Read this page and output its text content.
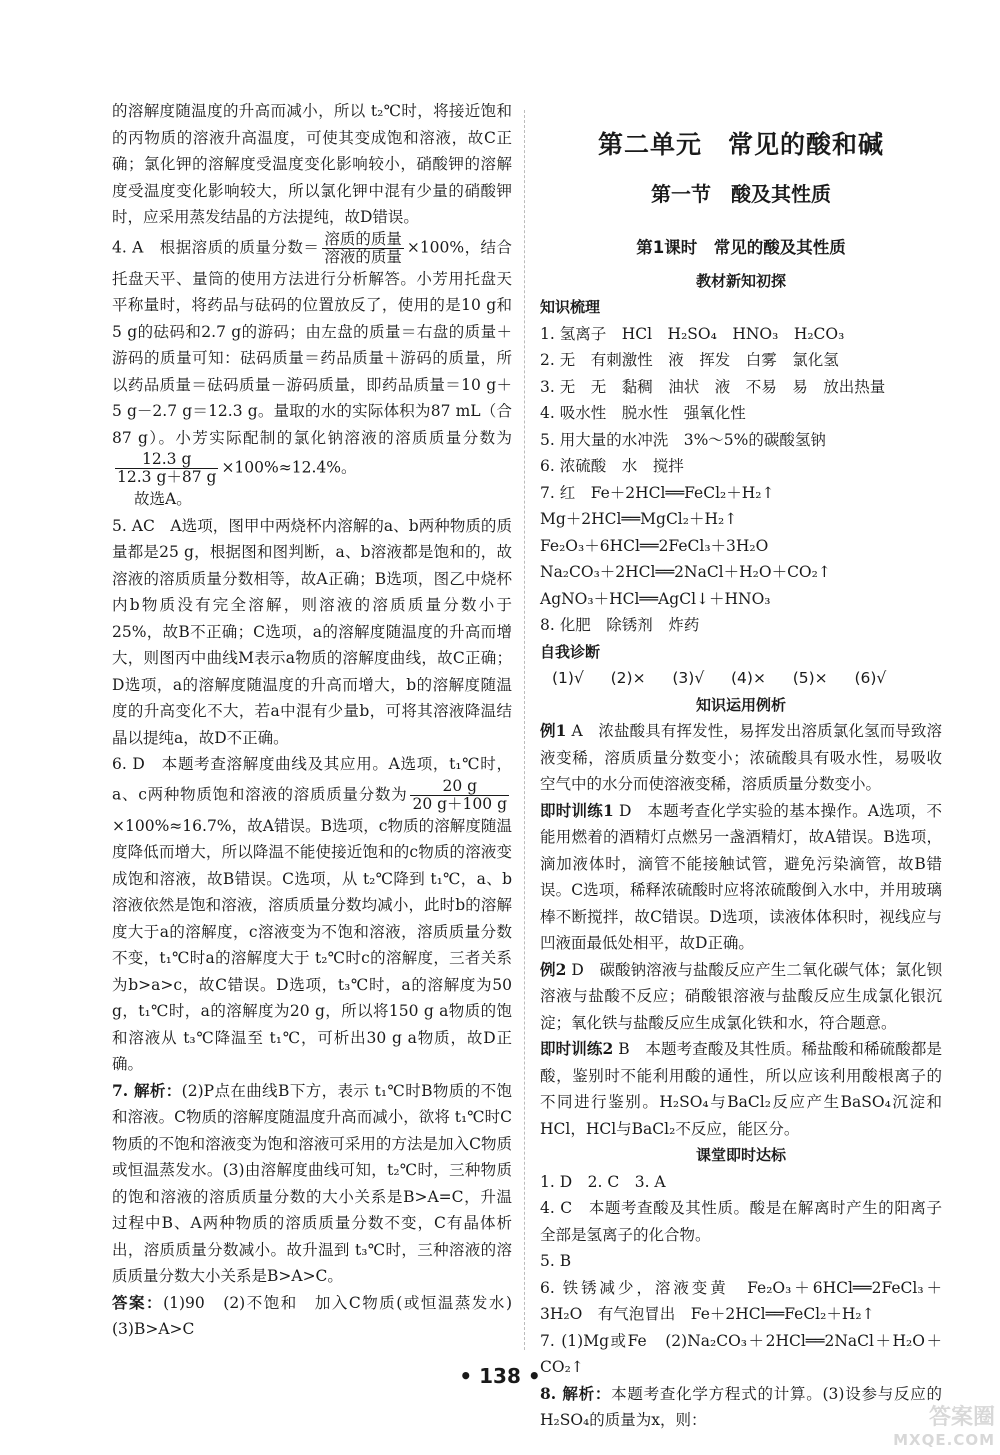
的溶解度随温度的升高而减小，所以 t₂℃时，将接近饱和的丙物质的溶液升高温度，可使其变成饱和溶液，故C正确；氯化钾的溶解度受温度变化影响较小，硝酸钾的溶解度受温度变化影响较大，所以氯化钾中混有少量的硝酸钾时，应采用蒸发结晶的方法提纯，故D错误。

4. A　根据溶质的质量分数＝ $\frac{\text{溶质的质量}}{\text{溶液的质量}} \times 100\%$，结合托盘天平、量筒的使用方法进行分析解答。小芳用托盘天平称量时，将药品与砝码的位置放反了，使用的是10 g和5 g的砝码和2.7 g的游码；由左盘的质量＝右盘的质量＋游码的质量可知：砝码质量＝药品质量＋游码的质量，所以药品质量＝砝码质量－游码质量，即药品质量＝10 g＋5 g－2.7 g＝12.3 g。量取的水的实际体积为87 mL（合87 g）。小芳实际配制的氯化钠溶液的溶质质量分数为
$\frac{12.3 g}{12.3 g+87 g} \times 100\%\approx 12.4\%$。

故选A。

5. AC　A选项，图甲中两烧杯内溶解的a、b两种物质的质量都是25 g，根据图和图判断，a、b溶液都是饱和的，故溶液的溶质质量分数相等，故A正确；B选项，图乙中烧杯内b物质没有完全溶解，则溶液的溶质质量分数小于25%，故B不正确；C选项，a的溶解度随温度的升高而增大，则图丙中曲线M表示a物质的溶解度曲线，故C正确；D选项，a的溶解度随温度的升高而增大，b的溶解度随温度的升高变化不大，若a中混有少量b，可将其溶液降温结晶以提纯a，故D不正确。

6. D　本题考查溶解度曲线及其应用。A选项，t₁℃时，a、c两种物质饱和溶液的溶质质量分数为 $\frac{20 g}{20 g+100 g}$
×100%≈16.7%，故A错误。B选项，c物质的溶解度随温度降低而增大，所以降温不能使接近饱和的c物质的溶液变成饱和溶液，故B错误。C选项，从 t₂℃降到 t₁℃，a、b溶液依然是饱和溶液，溶质质量分数均减小，此时b的溶解度大于a的溶解度，c溶液变为不饱和溶液，溶质质量分数不变，t₁℃时a的溶解度大于 t₂℃时c的溶解度，三者关系为b>a>c，故C错误。D选项，t₃℃时，a的溶解度为50 g，t₁℃时，a的溶解度为20 g，所以将150 g a物质的饱和溶液从 t₃℃降温至 t₁℃，可析出30 g a物质，故D正确。

7. 解析：(2)P点在曲线B下方，表示 t₁℃时B物质的不饱和溶液。C物质的溶解度随温度升高而减小，欲将 t₁℃时C物质的不饱和溶液变为饱和溶液可采用的方法是加入C物质或恒温蒸发水。(3)由溶解度曲线可知，t₂℃时，三种物质的饱和溶液的溶质质量分数的大小关系是B>A=C，升温过程中B、A两种物质的溶质质量分数不变，C有晶体析出，溶质质量分数减小。故升温到 t₃℃时，三种溶液的溶质质量分数大小关系是B>A>C。

答案：(1)90　(2)不饱和　加入C物质(或恒温蒸发水)　(3)B>A>C

第二单元　常见的酸和碱
第一节　酸及其性质
第1课时　常见的酸及其性质
教材新知初探
知识梳理

1. 氢离子　HCl　H₂SO₄　HNO₃　H₂CO₃

2. 无　有刺激性　液　挥发　白雾　氯化氢

3. 无　无　黏稠　油状　液　不易　易　放出热量

4. 吸水性　脱水性　强氧化性

5. 用大量的水冲洗　3%～5%的碳酸氢钠

6. 浓硫酸　水　搅拌

7. 红　Fe＋2HCl══FeCl₂＋H₂↑

Mg＋2HCl══MgCl₂＋H₂↑

Fe₂O₃＋6HCl══2FeCl₃＋3H₂O

Na₂CO₃＋2HCl══2NaCl＋H₂O＋CO₂↑

AgNO₃＋HCl══AgCl↓＋HNO₃

8. 化肥　除锈剂　炸药

自我诊断

(1)√ (2)× (3)√ (4)× (5)× (6)√

知识运用例析

例1 A　浓盐酸具有挥发性，易挥发出溶质氯化氢而导致溶液变稀，溶质质量分数变小；浓硫酸具有吸水性，易吸收空气中的水分而使溶液变稀，溶质质量分数变小。

即时训练1 D　本题考查化学实验的基本操作。A选项，不能用燃着的酒精灯点燃另一盏酒精灯，故A错误。B选项，滴加液体时，滴管不能接触试管，避免污染滴管，故B错误。C选项，稀释浓硫酸时应将浓硫酸倒入水中，并用玻璃棒不断搅拌，故C错误。D选项，读液体体积时，视线应与凹液面最低处相平，故D正确。

例2 D　碳酸钠溶液与盐酸反应产生二氧化碳气体；氯化钡溶液与盐酸不反应；硝酸银溶液与盐酸反应生成氯化银沉淀；氧化铁与盐酸反应生成氯化铁和水，符合题意。

即时训练2 B　本题考查酸及其性质。稀盐酸和稀硫酸都是酸，鉴别时不能利用酸的通性，所以应该利用酸根离子的不同进行鉴别。H₂SO₄与BaCl₂反应产生BaSO₄沉淀和HCl，HCl与BaCl₂不反应，能区分。

课堂即时达标

1. D　2. C　3. A

4. C　本题考查酸及其性质。酸是在解离时产生的阳离子全部是氢离子的化合物。

5. B

6. 铁锈减少，溶液变黄　Fe₂O₃＋6HCl══2FeCl₃＋3H₂O　有气泡冒出　Fe＋2HCl══FeCl₂＋H₂↑

7. (1)Mg或Fe　(2)Na₂CO₃＋2HCl══2NaCl＋H₂O＋CO₂↑

8. 解析：本题考查化学方程式的计算。(3)设参与反应的H₂SO₄的质量为x，则：

• 138 •
答案圈
MXQE.COM
